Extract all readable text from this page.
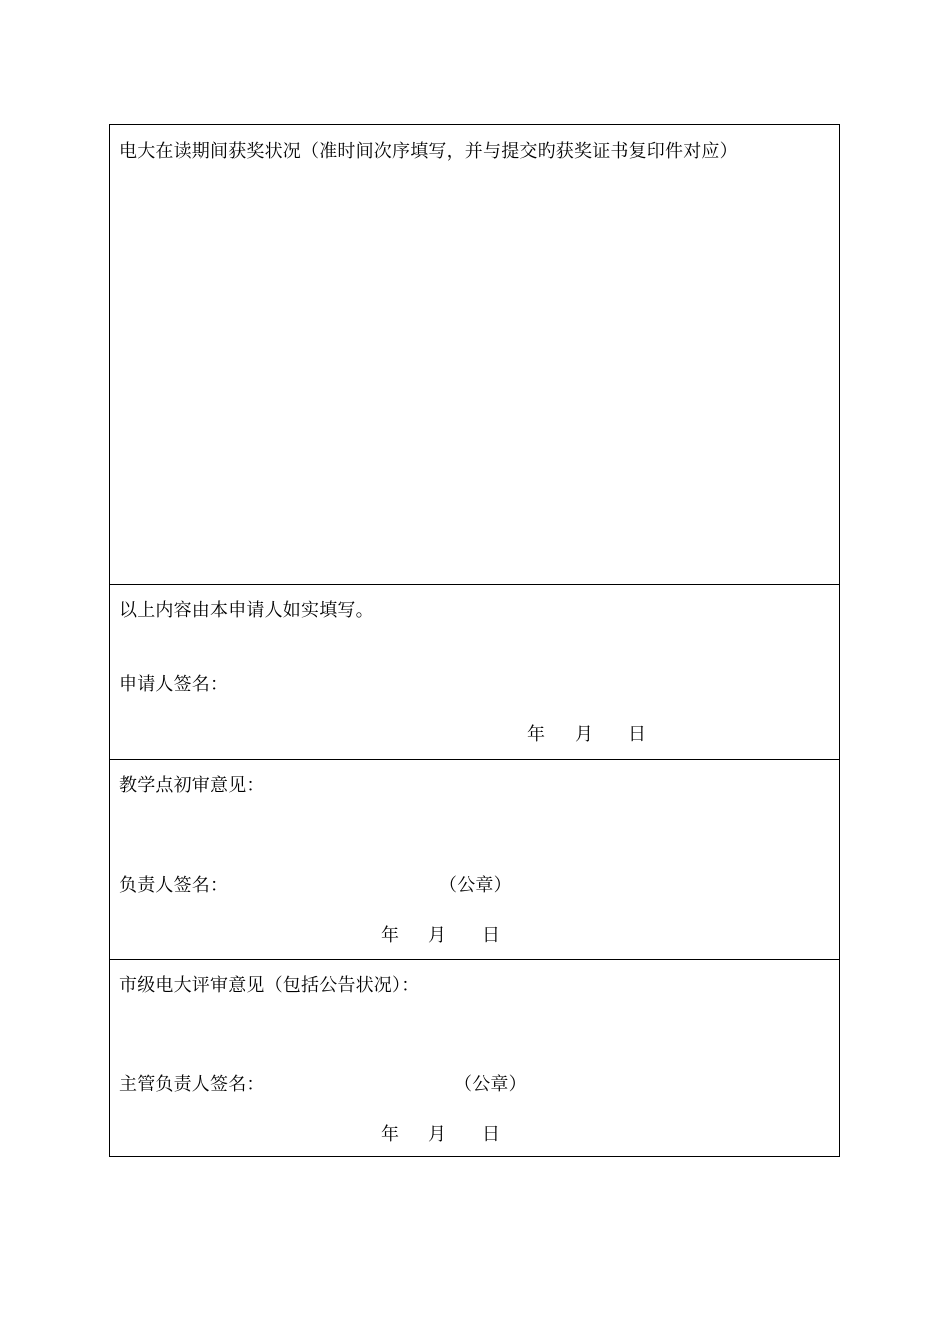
电大在读期间获奖状况（准时间次序填写，并与提交旳获奖证书复印件对应）
以上内容由本申请人如实填写。
申请人签名：
年 月 日
教学点初审意见：
负责人签名：	（公章）
年 月 日
市级电大评审意见（包括公告状况）：
主管负责人签名：	（公章）
年 月 日
